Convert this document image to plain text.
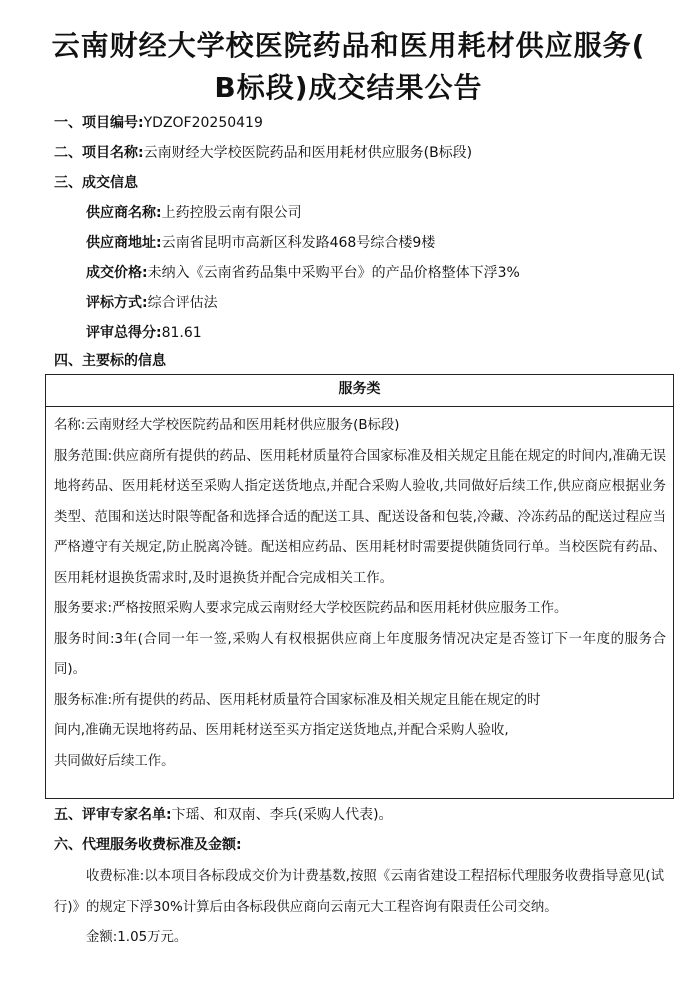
云南财经大学校医院药品和医用耗材供应服务(
B标段)成交结果公告
一、项目编号:YDZOF20250419
二、项目名称:云南财经大学校医院药品和医用耗材供应服务(B标段)
三、成交信息
供应商名称:上药控股云南有限公司
供应商地址:云南省昆明市高新区科发路468号综合楼9楼
成交价格:未纳入《云南省药品集中采购平台》的产品价格整体下浮3%
评标方式:综合评估法
评审总得分:81.61
四、主要标的信息
服务类

名称:云南财经大学校医院药品和医用耗材供应服务(B标段)

服务范围:供应商所有提供的药品、医用耗材质量符合国家标准及相关规定且能在规定的时间内,准确无误地将药品、医用耗材送至采购人指定送货地点,并配合采购人验收,共同做好后续工作,供应商应根据业务类型、范围和送达时限等配备和选择合适的配送工具、配送设备和包装,冷藏、冷冻药品的配送过程应当严格遵守有关规定,防止脱离冷链。配送相应药品、医用耗材时需要提供随货同行单。当校医院有药品、医用耗材退换货需求时,及时退换货并配合完成相关工作。

服务要求:严格按照采购人要求完成云南财经大学校医院药品和医用耗材供应服务工作。

服务时间:3年(合同一年一签,采购人有权根据供应商上年度服务情况决定是否签订下一年度的服务合同)。

服务标准:所有提供的药品、医用耗材质量符合国家标准及相关规定且能在规定的时

间内,准确无误地将药品、医用耗材送至买方指定送货地点,并配合采购人验收,

共同做好后续工作。

五、评审专家名单:卞瑶、和双南、李兵(采购人代表)。
六、代理服务收费标准及金额:

收费标准:以本项目各标段成交价为计费基数,按照《云南省建设工程招标代理服务收费指导意见(试行)》的规定下浮30%计算后由各标段供应商向云南元大工程咨询有限责任公司交纳。

金额:1.05万元。
